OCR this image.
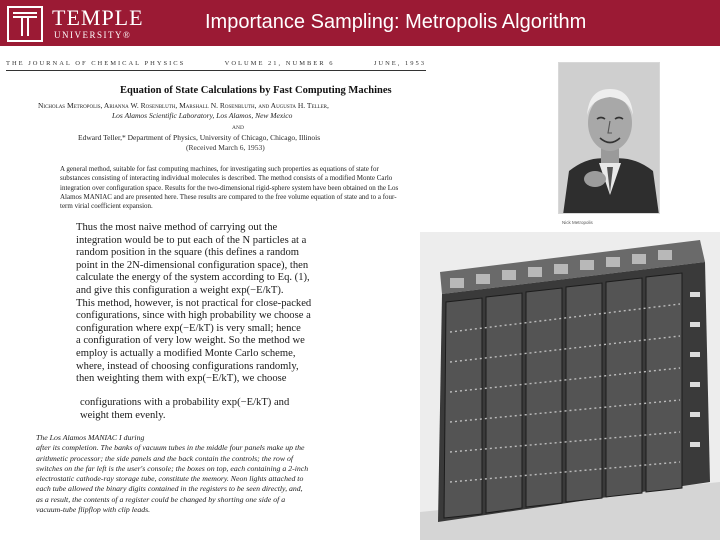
TEMPLE
UNIVERSITY®
Importance Sampling: Metropolis Algorithm
THE JOURNAL OF CHEMICAL PHYSICS	VOLUME 21, NUMBER 6	JUNE, 1953
Equation of State Calculations by Fast Computing Machines
Nicholas Metropolis, Arianna W. Rosenbluth, Marshall N. Rosenbluth, and Augusta H. Teller,
Los Alamos Scientific Laboratory, Los Alamos, New Mexico
AND
Edward Teller,* Department of Physics, University of Chicago, Chicago, Illinois
(Received March 6, 1953)
A general method, suitable for fast computing machines, for investigating such properties as equations of state for substances consisting of interacting individual molecules is described. The method consists of a modified Monte Carlo integration over configuration space. Results for the two-dimensional rigid-sphere system have been obtained on the Los Alamos MANIAC and are presented here. These results are compared to the free volume equation of state and to a four-term virial coefficient expansion.

Thus the most naive method of carrying out the

integration would be to put each of the N particles at a

random position in the square (this defines a random

point in the 2N-dimensional configuration space), then

calculate the energy of the system according to Eq. (1),

and give this configuration a weight exp(−E/kT).

This method, however, is not practical for close-packed

configurations, since with high probability we choose a

configuration where exp(−E/kT) is very small; hence

a configuration of very low weight. So the method we

employ is actually a modified Monte Carlo scheme,

where, instead of choosing configurations randomly,

then weighting them with exp(−E/kT), we choose

configurations with a probability exp(−E/kT) and

weight them evenly.

The Los Alamos MANIAC I during
after its completion. The banks of vacuum tubes in the middle four panels make up the
arithmetic processor; the side panels and the back contain the controls; the row of
switches on the far left is the user's console; the boxes on top, each containing a 2-inch
electrostatic cathode-ray storage tube, constitute the memory. Neon lights attached to
each tube allowed the binary digits contained in the registers to be seen directly, and,
as a result, the contents of a register could be changed by shorting one side of a
vacuum-tube flipflop with clip leads.
Nick Metropolis
